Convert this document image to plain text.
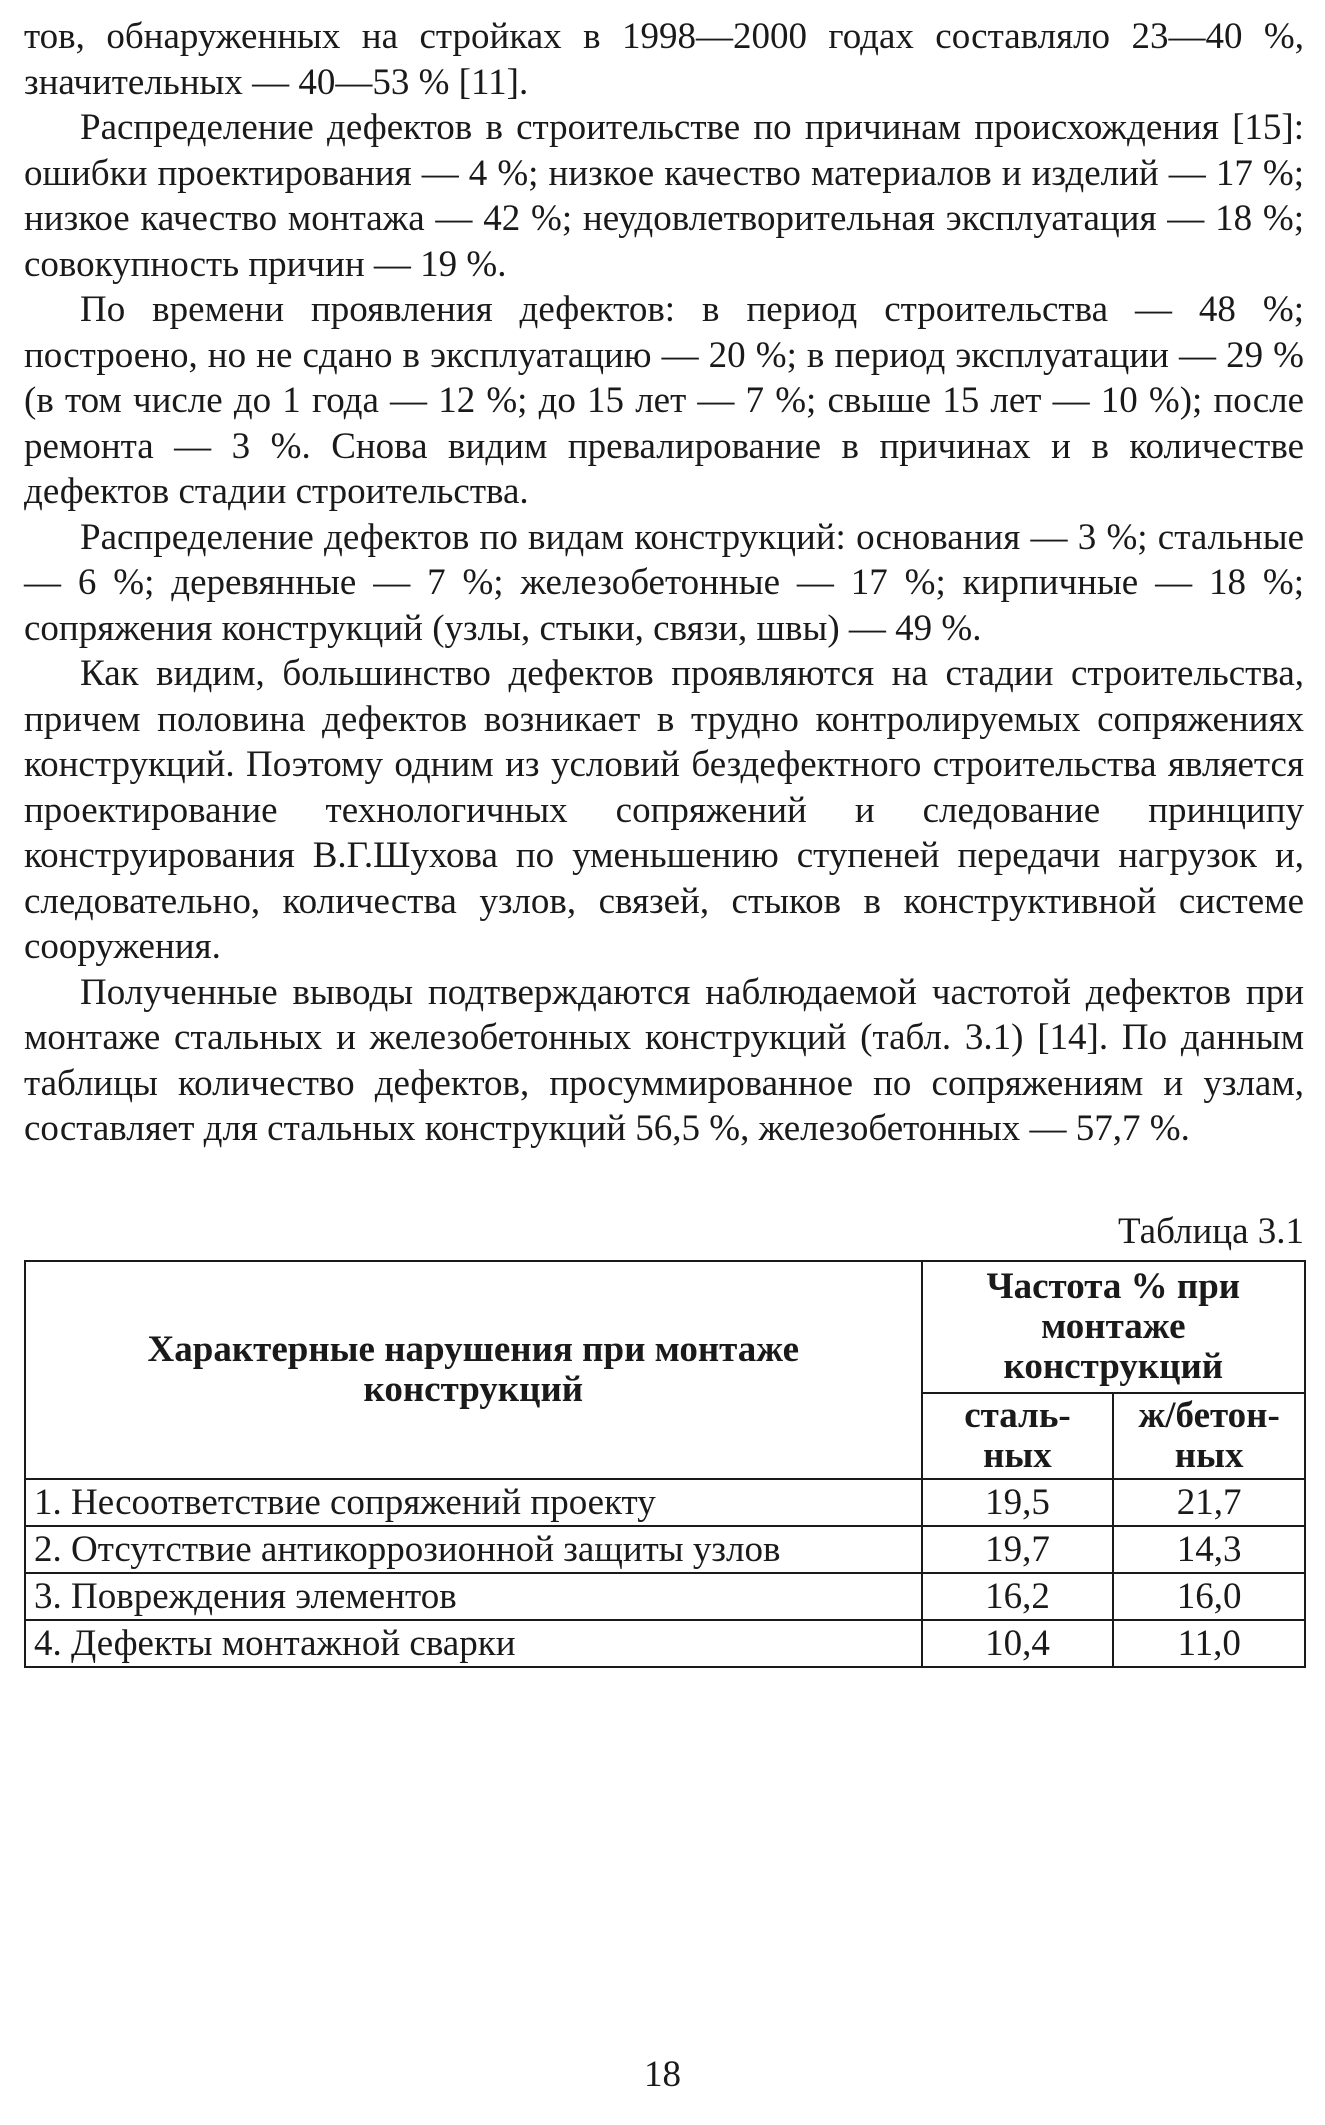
тов, обнаруженных на стройках в 1998—2000 годах составляло 23—40 %, значительных — 40—53 % [11].

Распределение дефектов в строительстве по причинам происхождения [15]: ошибки проектирования — 4 %; низкое качество материалов и изделий — 17 %; низкое качество монтажа — 42 %; неудовлетворительная эксплуатация — 18 %; совокупность причин — 19 %.

По времени проявления дефектов: в период строительства — 48 %; построено, но не сдано в эксплуатацию — 20 %; в период эксплуатации — 29 % (в том числе до 1 года — 12 %; до 15 лет — 7 %; свыше 15 лет — 10 %); после ремонта — 3 %. Снова видим превалирование в причинах и в количестве дефектов стадии строительства.

Распределение дефектов по видам конструкций: основания — 3 %; стальные — 6 %; деревянные — 7 %; железобетонные — 17 %; кирпичные — 18 %; сопряжения конструкций (узлы, стыки, связи, швы) — 49 %.

Как видим, большинство дефектов проявляются на стадии строительства, причем половина дефектов возникает в трудно контролируемых сопряжениях конструкций. Поэтому одним из условий бездефектного строительства является проектирование технологичных сопряжений и следование принципу конструирования В.Г.Шухова по уменьшению ступеней передачи нагрузок и, следовательно, количества узлов, связей, стыков в конструктивной системе сооружения.

Полученные выводы подтверждаются наблюдаемой частотой дефектов при монтаже стальных и железобетонных конструкций (табл. 3.1) [14]. По данным таблицы количество дефектов, просуммированное по сопряжениям и узлам, составляет для стальных конструкций 56,5 %, железобетонных — 57,7 %.

Таблица 3.1
Характерные нарушения при монтаже конструкций	Частота % при монтаже конструкций	
	сталь-ных	ж/бетон-ных
1. Несоответствие сопряжений проекту	19,5	21,7
2. Отсутствие антикоррозионной защиты узлов	19,7	14,3
3. Повреждения элементов	16,2	16,0
4. Дефекты монтажной сварки	10,4	11,0
18
